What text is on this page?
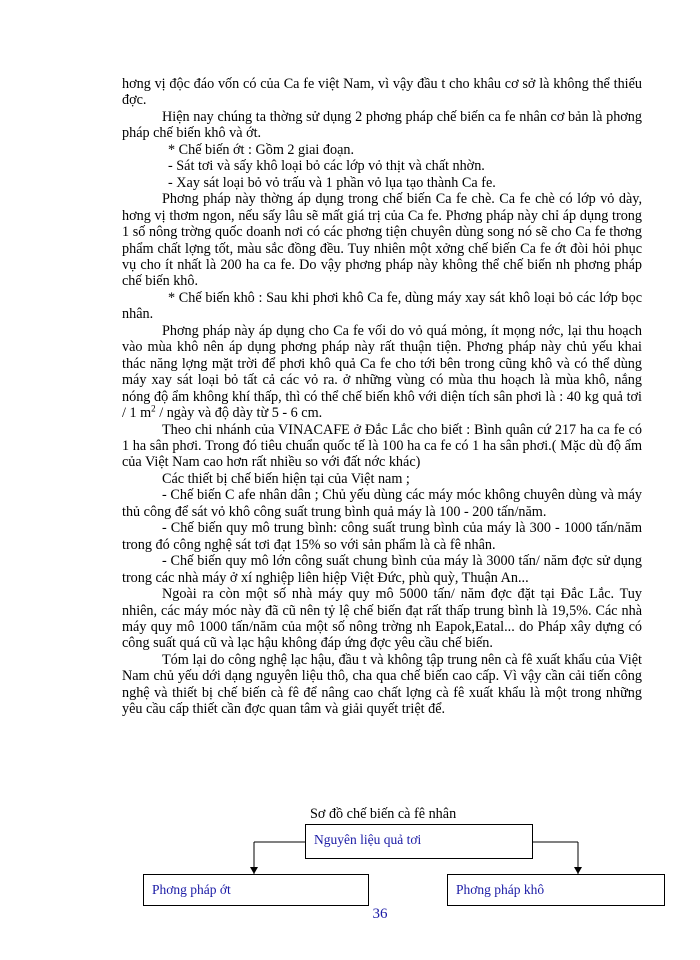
hơng vị độc đáo vốn có của Ca fe việt Nam, vì vậy đầu t cho khâu cơ sở là không thể thiếu đợc.

Hiện nay chúng ta thờng sử dụng 2 phơng pháp chế biến ca fe nhân cơ bản là phơng pháp chế biến khô và ớt.

* Chế biến ớt : Gồm 2 giai đoạn.

- Sát tơi và sấy khô loại bỏ các lớp vỏ thịt và chất nhờn.

- Xay sát loại bỏ vỏ trấu và 1 phần vỏ lụa tạo thành Ca fe.

Phơng pháp này thờng áp dụng trong chế biến Ca fe chè. Ca fe chè có lớp vỏ dày, hơng vị thơm ngon, nếu sấy lâu sẽ mất giá trị của Ca fe. Phơng pháp này chỉ áp dụng trong 1 số nông trờng quốc doanh nơi có các phơng tiện chuyên dùng song nó sẽ cho Ca fe thơng phẩm chất lợng tốt, màu sắc đồng đều. Tuy nhiên một xởng chế biến Ca fe ớt đòi hỏi phục vụ cho ít nhất là 200 ha ca fe. Do vậy phơng pháp này không thể chế biến nh phơng pháp chế biến khô.

* Chế biến khô : Sau khi phơi khô Ca fe, dùng máy xay sát khô loại bỏ các lớp bọc nhân.

Phơng pháp này áp dụng cho Ca fe vối do vỏ quá mỏng, ít mọng nớc, lại thu hoạch vào mùa khô nên áp dụng phơng pháp này rất thuận tiện. Phơng pháp này chủ yếu khai thác năng lợng mặt trời để phơi khô quả Ca fe cho tới bên trong cũng khô và có thể dùng máy xay sát loại bỏ tất cả các vỏ ra. ở những vùng có mùa thu hoạch là mùa khô, nắng nóng độ ẩm không khí thấp, thì có thể chế biến khô với diện tích sân phơi là : 40 kg quả tơi / 1 $m^2$ / ngày và độ dày từ 5 - 6 cm.

Theo chi nhánh của VINACAFE ở Đắc Lắc cho biết : Bình quân cứ 217 ha ca fe có 1 ha sân phơi. Trong đó tiêu chuẩn quốc tế là 100 ha ca fe có 1 ha sân phơi.( Mặc dù độ ẩm của Việt Nam cao hơn rất nhiều so với đất nớc khác)

Các thiết bị chế biến hiện tại của Việt nam ;

- Chế biến C afe nhân dân ; Chủ yếu dùng các máy móc không chuyên dùng và máy thủ công để sát vỏ khô công suất trung bình quả máy là 100 - 200 tấn/năm.

- Chế biến quy mô trung bình: công suất trung bình của máy là 300 - 1000 tấn/năm trong đó công nghệ sát tơi đạt 15% so với sản phẩm là cà fê nhân.

- Chế biến quy mô lớn công suất chung bình của máy là 3000 tấn/ năm đợc sử dụng trong các nhà máy ở xí nghiệp liên hiệp Việt Đức, phù quỳ, Thuận An...

Ngoài ra còn một số nhà máy quy mô 5000 tấn/ năm đợc đặt tại Đắc Lắc. Tuy nhiên, các máy móc này đã cũ nên tỷ lệ chế biến đạt rất thấp trung bình là 19,5%. Các nhà máy quy mô 1000 tấn/năm của một số nông trờng nh Eapok,Eatal... do Pháp xây dựng có công suất quá cũ và lạc hậu không đáp ứng đợc yêu cầu chế biến.

Tóm lại do công nghệ lạc hậu, đầu t và không tập trung nên cà fê xuất khẩu của Việt Nam chủ yếu dới dạng nguyên liệu thô, cha qua chế biến cao cấp. Vì vậy cần cải tiến công nghệ và thiết bị chế biến cà fê để nâng cao chất lợng cà fê xuất khẩu là một trong những yêu cầu cấp thiết cần đợc quan tâm và giải quyết triệt để.

Sơ đồ chế biến cà fê nhân
Nguyên liệu quả tơi
Phơng pháp ớt	Phơng pháp khô
36
